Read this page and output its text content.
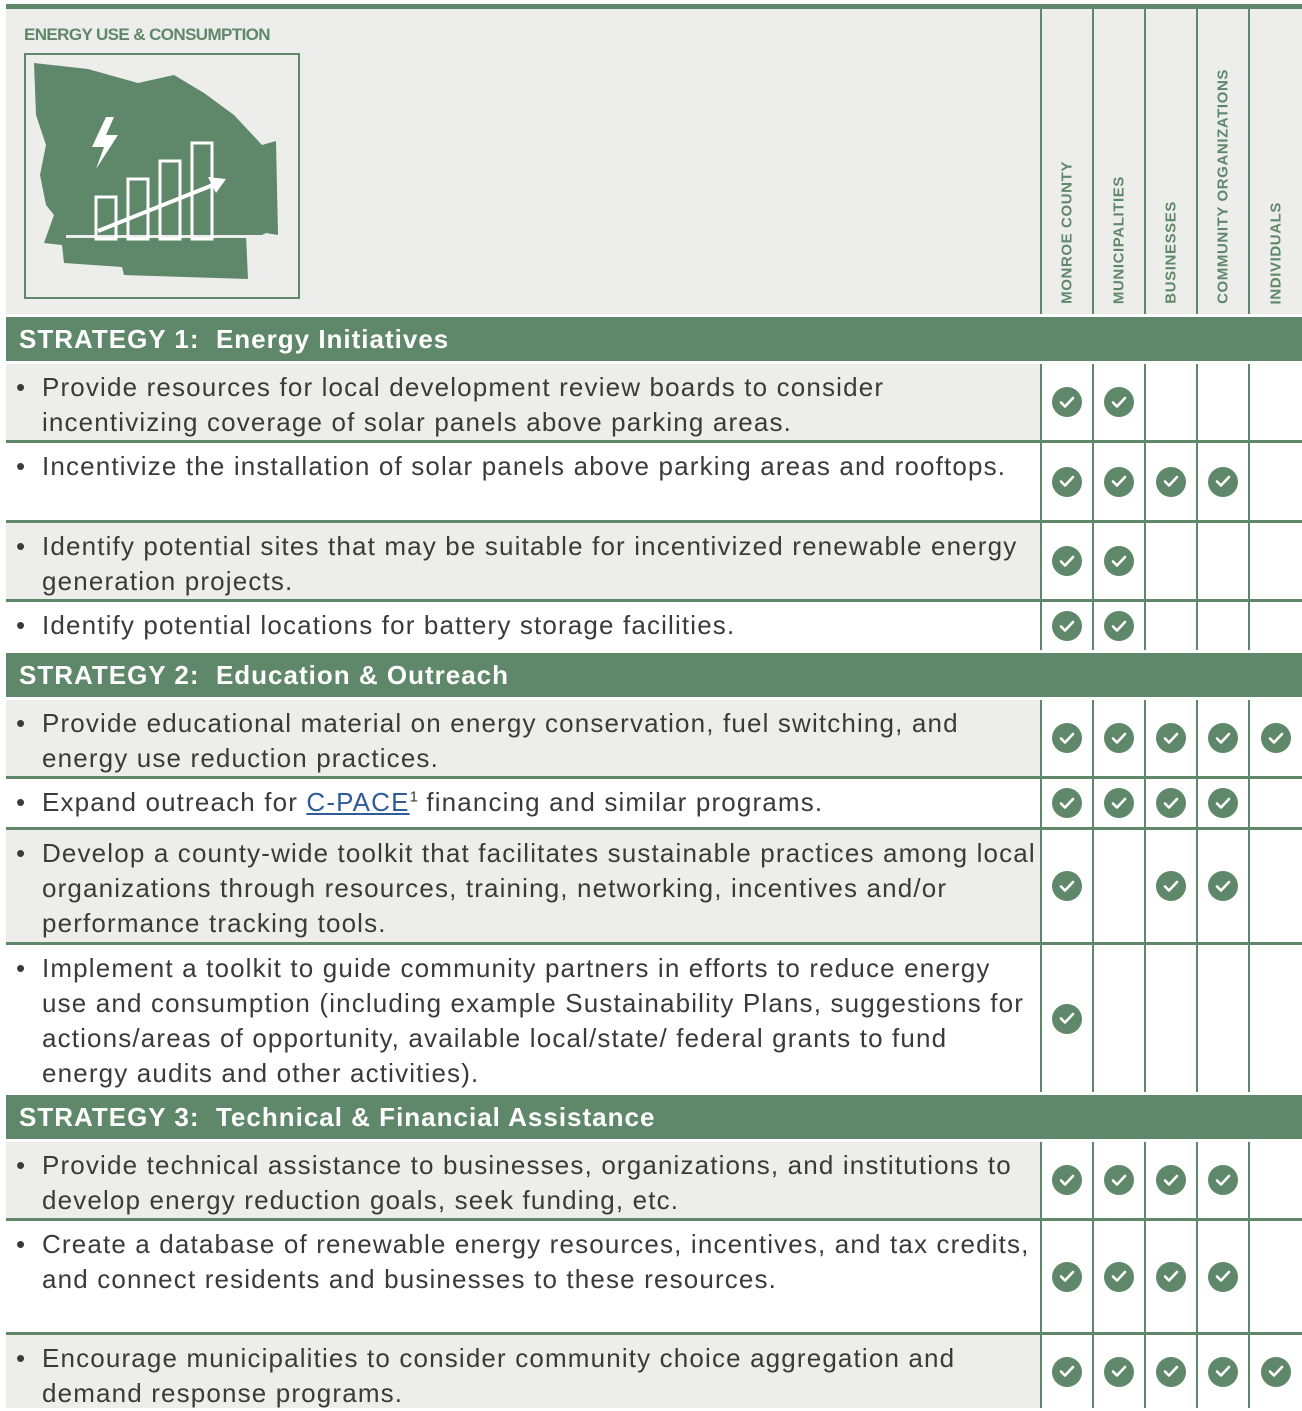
ENERGY USE & CONSUMPTION
MONROE COUNTY MUNICIPALITIES BUSINESSES COMMUNITY ORGANIZATIONS INDIVIDUALS
STRATEGY 1:  Energy Initiatives
• Provide resources for local development review boards to consider incentivizing coverage of solar panels above parking areas.
• Incentivize the installation of solar panels above parking areas and rooftops.
• Identify potential sites that may be suitable for incentivized renewable energy generation projects.
• Identify potential locations for battery storage facilities.
STRATEGY 2:  Education & Outreach
• Provide educational material on energy conservation, fuel switching, and energy use reduction practices.
• Expand outreach for C-PACE$^1$ financing and similar programs.
• Develop a county-wide toolkit that facilitates sustainable practices among local organizations through resources, training, networking, incentives and/or performance tracking tools.
• Implement a toolkit to guide community partners in efforts to reduce energy use and consumption (including example Sustainability Plans, suggestions for actions/areas of opportunity, available local/state/ federal grants to fund energy audits and other activities).
STRATEGY 3:  Technical & Financial Assistance
• Provide technical assistance to businesses, organizations, and institutions to develop energy reduction goals, seek funding, etc.
• Create a database of renewable energy resources, incentives, and tax credits, and connect residents and businesses to these resources.
• Encourage municipalities to consider community choice aggregation and demand response programs.
